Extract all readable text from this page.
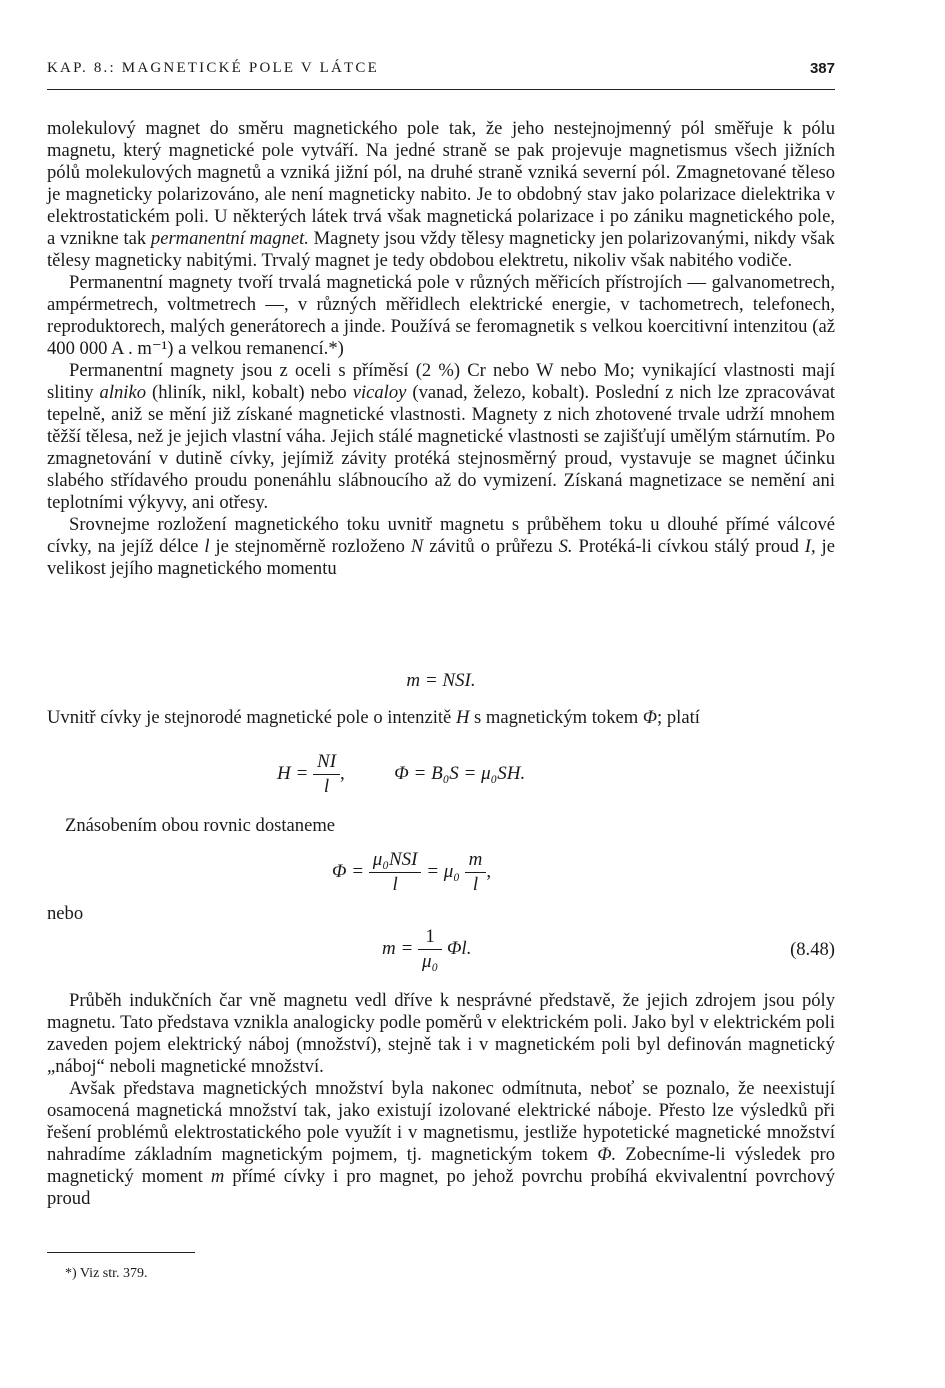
KAP. 8.: MAGNETICKÉ POLE V LÁTCE	387

molekulový magnet do směru magnetického pole tak, že jeho nestejnojmenný pól směřuje k pólu magnetu, který magnetické pole vytváří. Na jedné straně se pak projevuje magnetismus všech jižních pólů molekulových magnetů a vzniká jižní pól, na druhé straně vzniká severní pól. Zmagnetované těleso je magneticky polarizováno, ale není magneticky nabito. Je to obdobný stav jako polarizace dielektrika v elektrostatickém poli. U některých látek trvá však magnetická polarizace i po zániku magnetického pole, a vznikne tak permanentní magnet. Magnety jsou vždy tělesy magneticky jen polarizovanými, nikdy však tělesy magneticky nabitými. Trvalý magnet je tedy obdobou elektretu, nikoliv však nabitého vodiče.

Permanentní magnety tvoří trvalá magnetická pole v různých měřicích přístrojích — galvanometrech, ampérmetrech, voltmetrech —, v různých měřidlech elektrické energie, v tachometrech, telefonech, reproduktorech, malých generátorech a jinde. Používá se feromagnetik s velkou koercitivní intenzitou (až 400 000 A . m⁻¹) a velkou remanencí.*)

Permanentní magnety jsou z oceli s příměsí (2 %) Cr nebo W nebo Mo; vynikající vlastnosti mají slitiny alniko (hliník, nikl, kobalt) nebo vicaloy (vanad, železo, kobalt). Poslední z nich lze zpracovávat tepelně, aniž se mění již získané magnetické vlastnosti. Magnety z nich zhotovené trvale udrží mnohem těžší tělesa, než je jejich vlastní váha. Jejich stálé magnetické vlastnosti se zajišťují umělým stárnutím. Po zmagnetování v dutině cívky, jejímiž závity protéká stejnosměrný proud, vystavuje se magnet účinku slabého střídavého proudu ponenáhlu slábnoucího až do vymizení. Získaná magnetizace se nemění ani teplotními výkyvy, ani otřesy.

Srovnejme rozložení magnetického toku uvnitř magnetu s průběhem toku u dlouhé přímé válcové cívky, na jejíž délce l je stejnoměrně rozloženo N závitů o průřezu S. Protéká-li cívkou stálý proud I, je velikost jejího magnetického momentu

m = NSI.

Uvnitř cívky je stejnorodé magnetické pole o intenzitě H s magnetickým tokem Φ; platí

$H = \frac{NI}{l}$ ,	Φ = B₀S = μ₀SH.
Znásobením obou rovnic dostaneme
$\Phi = \frac{\text{μ₀NSI}}{l} = \mu_0 \frac{m}{l}$ ,
nebo
$m = \frac{1}{\text{μ₀}} \Phi l$.	(8.48)

Průběh indukčních čar vně magnetu vedl dříve k nesprávné představě, že jejich zdrojem jsou póly magnetu. Tato představa vznikla analogicky podle poměrů v elektrickém poli. Jako byl v elektrickém poli zaveden pojem elektrický náboj (množství), stejně tak i v magnetickém poli byl definován magnetický „náboj“ neboli magnetické množství.

Avšak představa magnetických množství byla nakonec odmítnuta, neboť se poznalo, že neexistují osamocená magnetická množství tak, jako existují izolované elektrické náboje. Přesto lze výsledků při řešení problémů elektrostatického pole využít i v magnetismu, jestliže hypotetické magnetické množství nahradíme základním magnetickým pojmem, tj. magnetickým tokem Φ. Zobecníme-li výsledek pro magnetický moment m přímé cívky i pro magnet, po jehož povrchu probíhá ekvivalentní povrchový proud

*) Viz str. 379.
